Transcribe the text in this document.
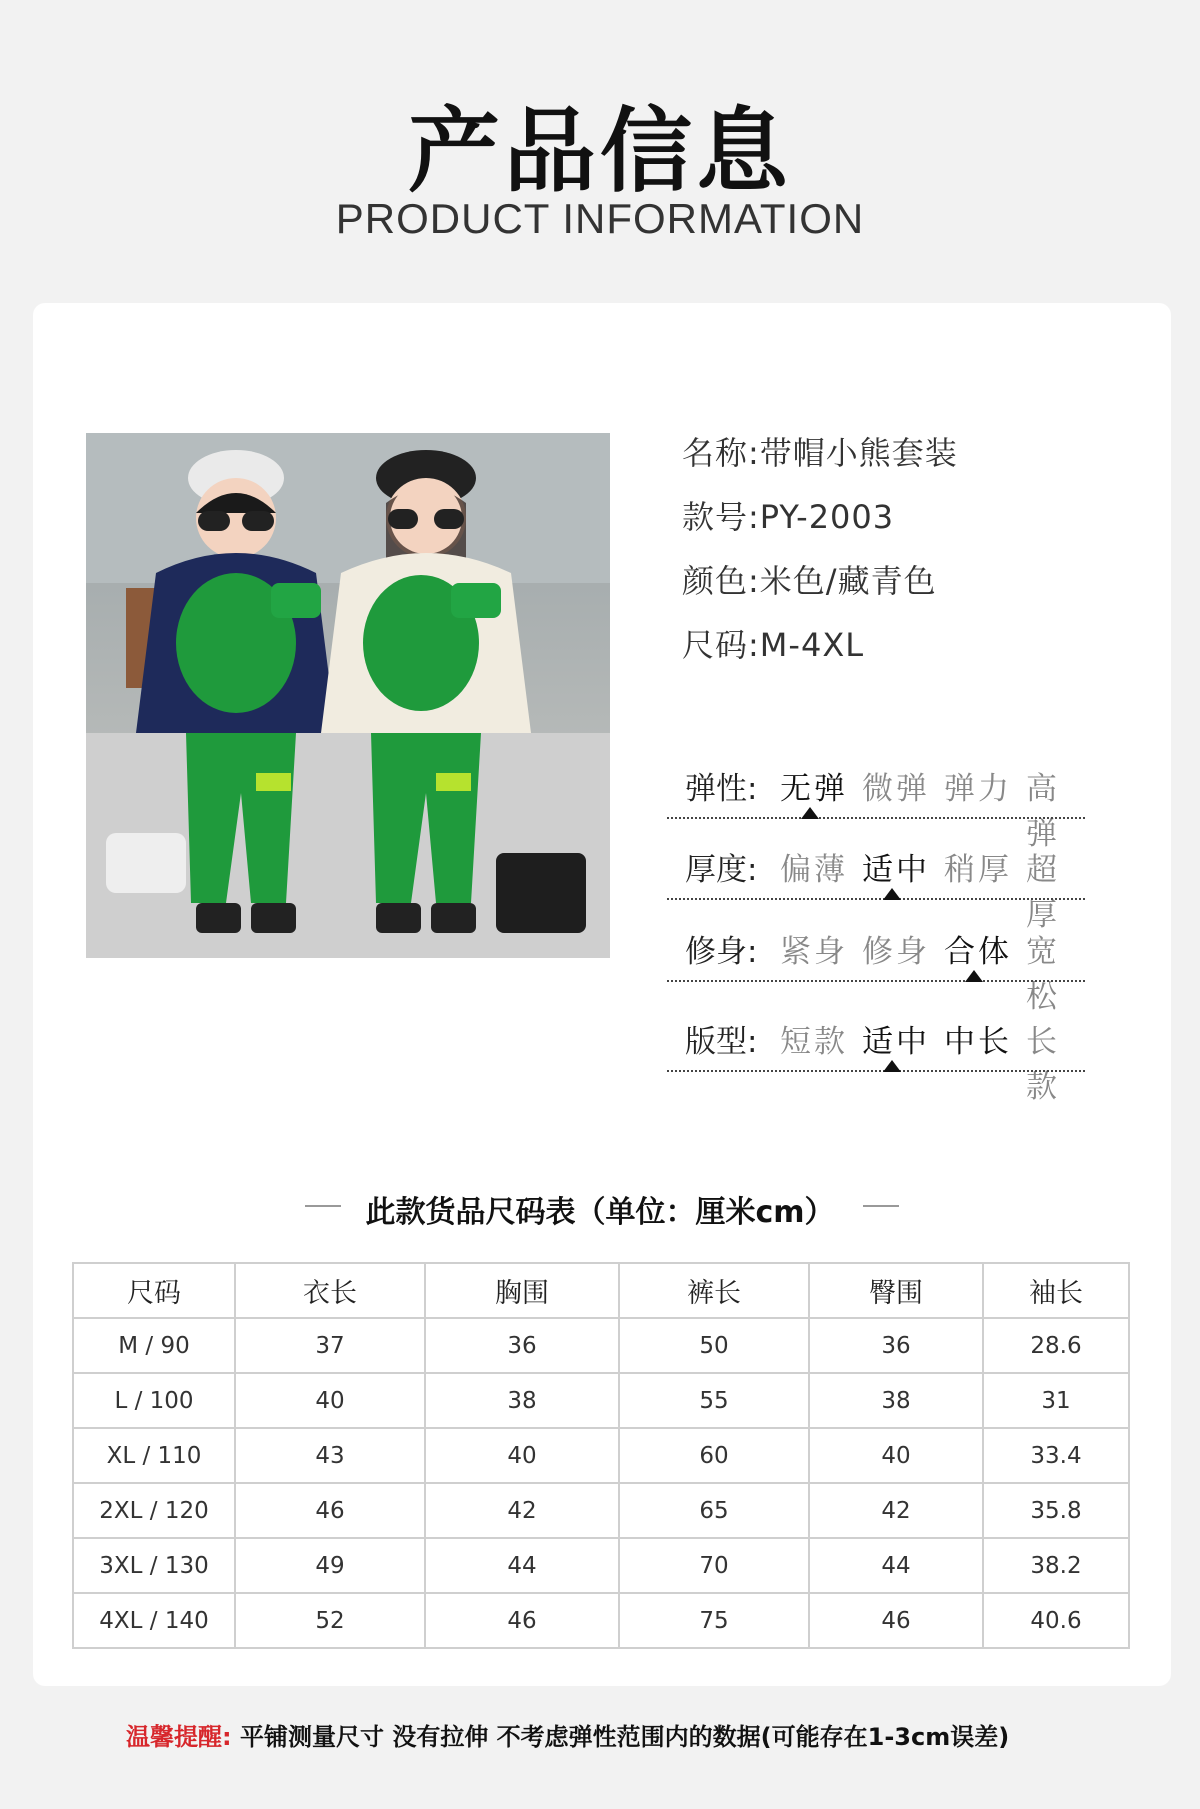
产品信息
PRODUCT INFORMATION
名称:带帽小熊套装
款号:PY-2003
颜色:米色/藏青色
尺码:M-4XL
弹性: 无弹 微弹 弹力 高弹
厚度: 偏薄 适中 稍厚 超厚
修身: 紧身 修身 合体 宽松
版型: 短款 适中 中长 长款
此款货品尺码表（单位：厘米cm）
尺码	衣长	胸围	裤长	臀围	袖长
M / 90	37	36	50	36	28.6
L / 100	40	38	55	38	31
XL / 110	43	40	60	40	33.4
2XL / 120	46	42	65	42	35.8
3XL / 130	49	44	70	44	38.2
4XL / 140	52	46	75	46	40.6
温馨提醒: 平铺测量尺寸 没有拉伸 不考虑弹性范围内的数据(可能存在1-3cm误差)
